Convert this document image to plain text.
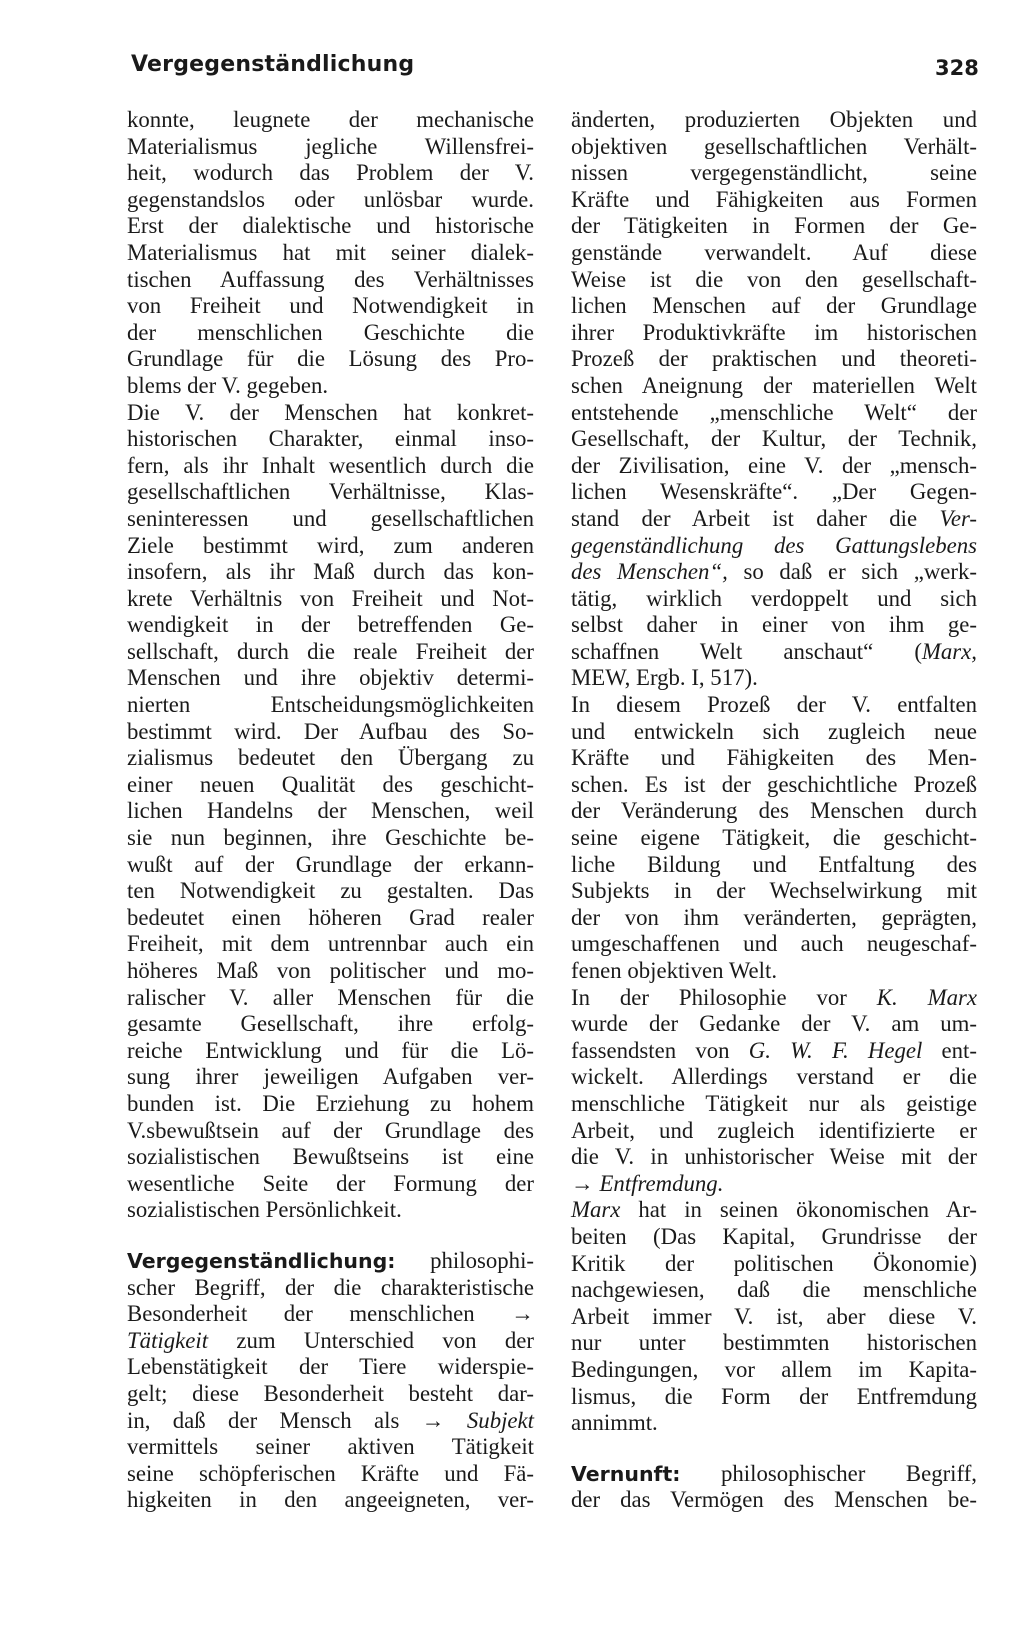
Vergegenständlichung	328
konnte, leugnete der mechanische
Materialismus jegliche Willensfrei-
heit, wodurch das Problem der V.
gegenstandslos oder unlösbar wurde.
Erst der dialektische und historische
Materialismus hat mit seiner dialek-
tischen Auffassung des Verhältnisses
von Freiheit und Notwendigkeit in
der menschlichen Geschichte die
Grundlage für die Lösung des Pro-
blems der V. gegeben.
Die V. der Menschen hat konkret-
historischen Charakter, einmal inso-
fern, als ihr Inhalt wesentlich durch die
gesellschaftlichen Verhältnisse, Klas-
seninteressen und gesellschaftlichen
Ziele bestimmt wird, zum anderen
insofern, als ihr Maß durch das kon-
krete Verhältnis von Freiheit und Not-
wendigkeit in der betreffenden Ge-
sellschaft, durch die reale Freiheit der
Menschen und ihre objektiv determi-
nierten Entscheidungsmöglichkeiten
bestimmt wird. Der Aufbau des So-
zialismus bedeutet den Übergang zu
einer neuen Qualität des geschicht-
lichen Handelns der Menschen, weil
sie nun beginnen, ihre Geschichte be-
wußt auf der Grundlage der erkann-
ten Notwendigkeit zu gestalten. Das
bedeutet einen höheren Grad realer
Freiheit, mit dem untrennbar auch ein
höheres Maß von politischer und mo-
ralischer V. aller Menschen für die
gesamte Gesellschaft, ihre erfolg-
reiche Entwicklung und für die Lö-
sung ihrer jeweiligen Aufgaben ver-
bunden ist. Die Erziehung zu hohem
V.sbewußtsein auf der Grundlage des
sozialistischen Bewußtseins ist eine
wesentliche Seite der Formung der
sozialistischen Persönlichkeit.
Vergegenständlichung: philosophi-
scher Begriff, der die charakteristische
Besonderheit der menschlichen →
Tätigkeit zum Unterschied von der
Lebenstätigkeit der Tiere widerspie-
gelt; diese Besonderheit besteht dar-
in, daß der Mensch als → Subjekt
vermittels seiner aktiven Tätigkeit
seine schöpferischen Kräfte und Fä-
higkeiten in den angeeigneten, ver-
änderten, produzierten Objekten und
objektiven gesellschaftlichen Verhält-
nissen vergegenständlicht, seine
Kräfte und Fähigkeiten aus Formen
der Tätigkeiten in Formen der Ge-
genstände verwandelt. Auf diese
Weise ist die von den gesellschaft-
lichen Menschen auf der Grundlage
ihrer Produktivkräfte im historischen
Prozeß der praktischen und theoreti-
schen Aneignung der materiellen Welt
entstehende „menschliche Welt“ der
Gesellschaft, der Kultur, der Technik,
der Zivilisation, eine V. der „mensch-
lichen Wesenskräfte“. „Der Gegen-
stand der Arbeit ist daher die Ver-
gegenständlichung des Gattungslebens
des Menschen“, so daß er sich „werk-
tätig, wirklich verdoppelt und sich
selbst daher in einer von ihm ge-
schaffnen Welt anschaut“ (Marx,
MEW, Ergb. I, 517).
In diesem Prozeß der V. entfalten
und entwickeln sich zugleich neue
Kräfte und Fähigkeiten des Men-
schen. Es ist der geschichtliche Prozeß
der Veränderung des Menschen durch
seine eigene Tätigkeit, die geschicht-
liche Bildung und Entfaltung des
Subjekts in der Wechselwirkung mit
der von ihm veränderten, geprägten,
umgeschaffenen und auch neugeschaf-
fenen objektiven Welt.
In der Philosophie vor K. Marx
wurde der Gedanke der V. am um-
fassendsten von G. W. F. Hegel ent-
wickelt. Allerdings verstand er die
menschliche Tätigkeit nur als geistige
Arbeit, und zugleich identifizierte er
die V. in unhistorischer Weise mit der
→ Entfremdung.
Marx hat in seinen ökonomischen Ar-
beiten (Das Kapital, Grundrisse der
Kritik der politischen Ökonomie)
nachgewiesen, daß die menschliche
Arbeit immer V. ist, aber diese V.
nur unter bestimmten historischen
Bedingungen, vor allem im Kapita-
lismus, die Form der Entfremdung
annimmt.
Vernunft: philosophischer Begriff,
der das Vermögen des Menschen be-
